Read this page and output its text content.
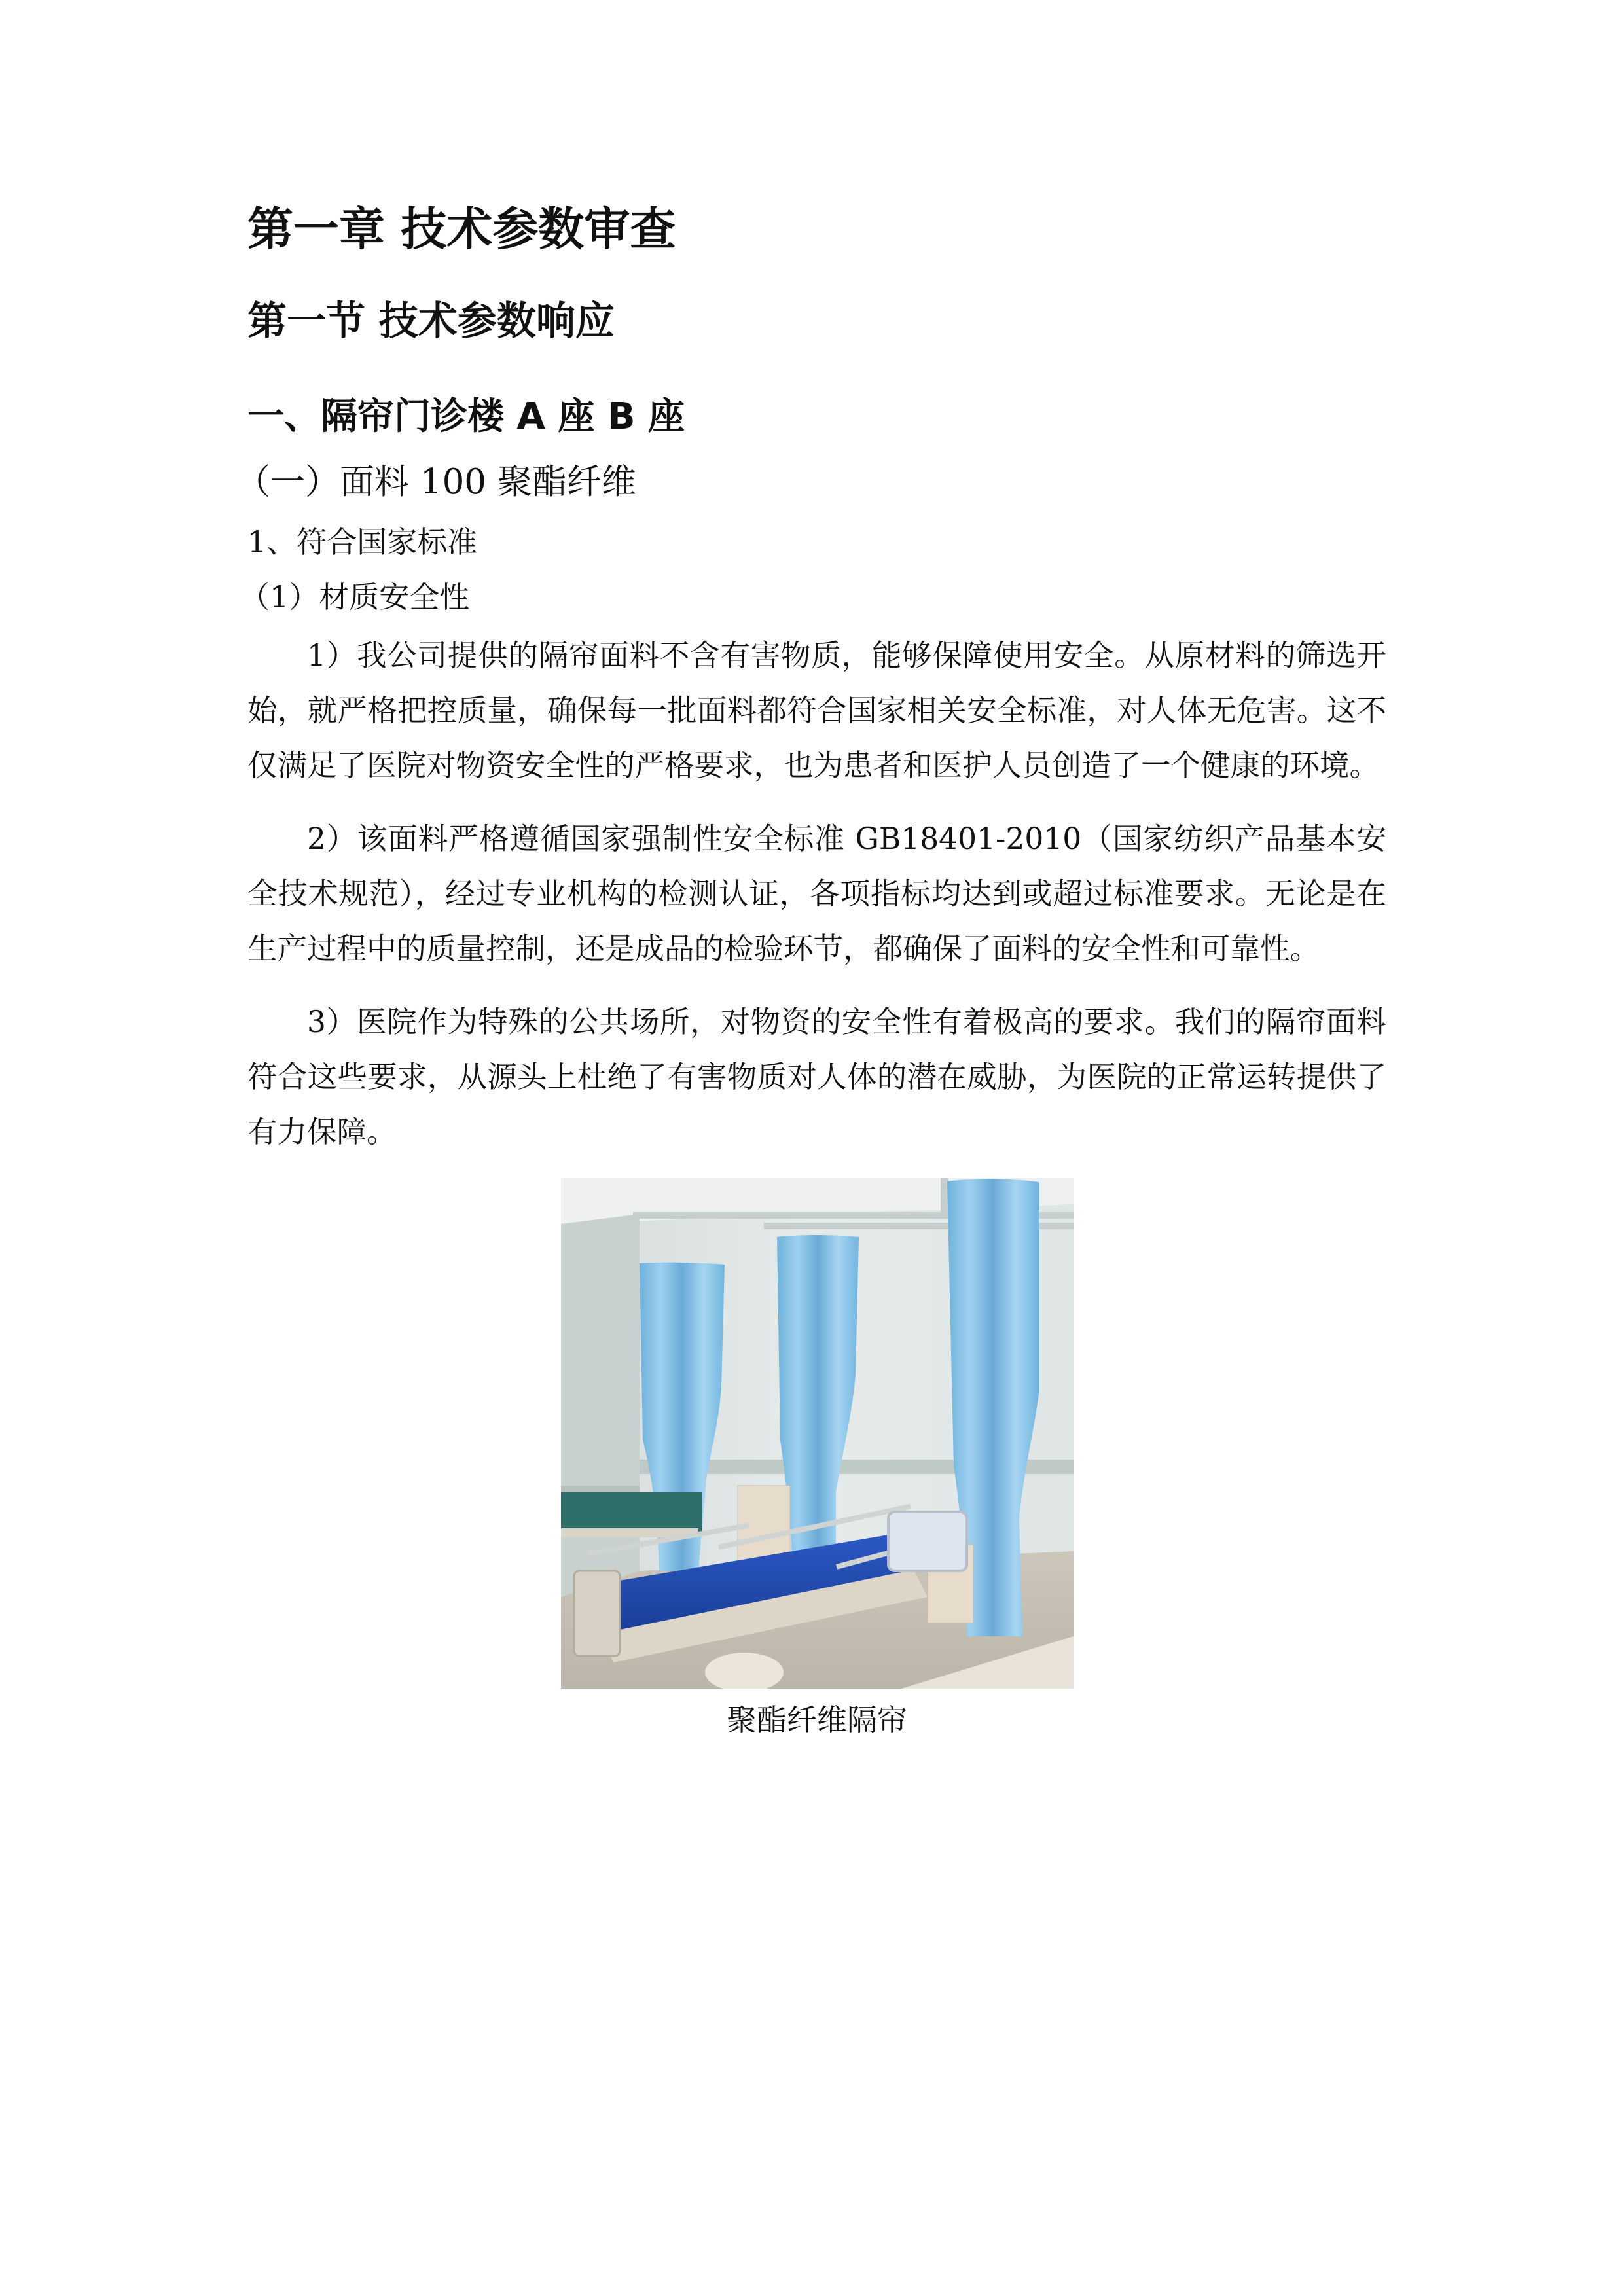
第一章 技术参数审查
第一节 技术参数响应
一、隔帘门诊楼 A 座 B 座
（一）面料 100 聚酯纤维
1、符合国家标准
（1）材质安全性

1）我公司提供的隔帘面料不含有害物质，能够保障使用安全。从原材料的筛选开始，就严格把控质量，确保每一批面料都符合国家相关安全标准，对人体无危害。这不仅满足了医院对物资安全性的严格要求，也为患者和医护人员创造了一个健康的环境。

2）该面料严格遵循国家强制性安全标准 GB18401-2010（国家纺织产品基本安全技术规范），经过专业机构的检测认证，各项指标均达到或超过标准要求。无论是在生产过程中的质量控制，还是成品的检验环节，都确保了面料的安全性和可靠性。

3）医院作为特殊的公共场所，对物资的安全性有着极高的要求。我们的隔帘面料符合这些要求，从源头上杜绝了有害物质对人体的潜在威胁，为医院的正常运转提供了有力保障。

聚酯纤维隔帘
